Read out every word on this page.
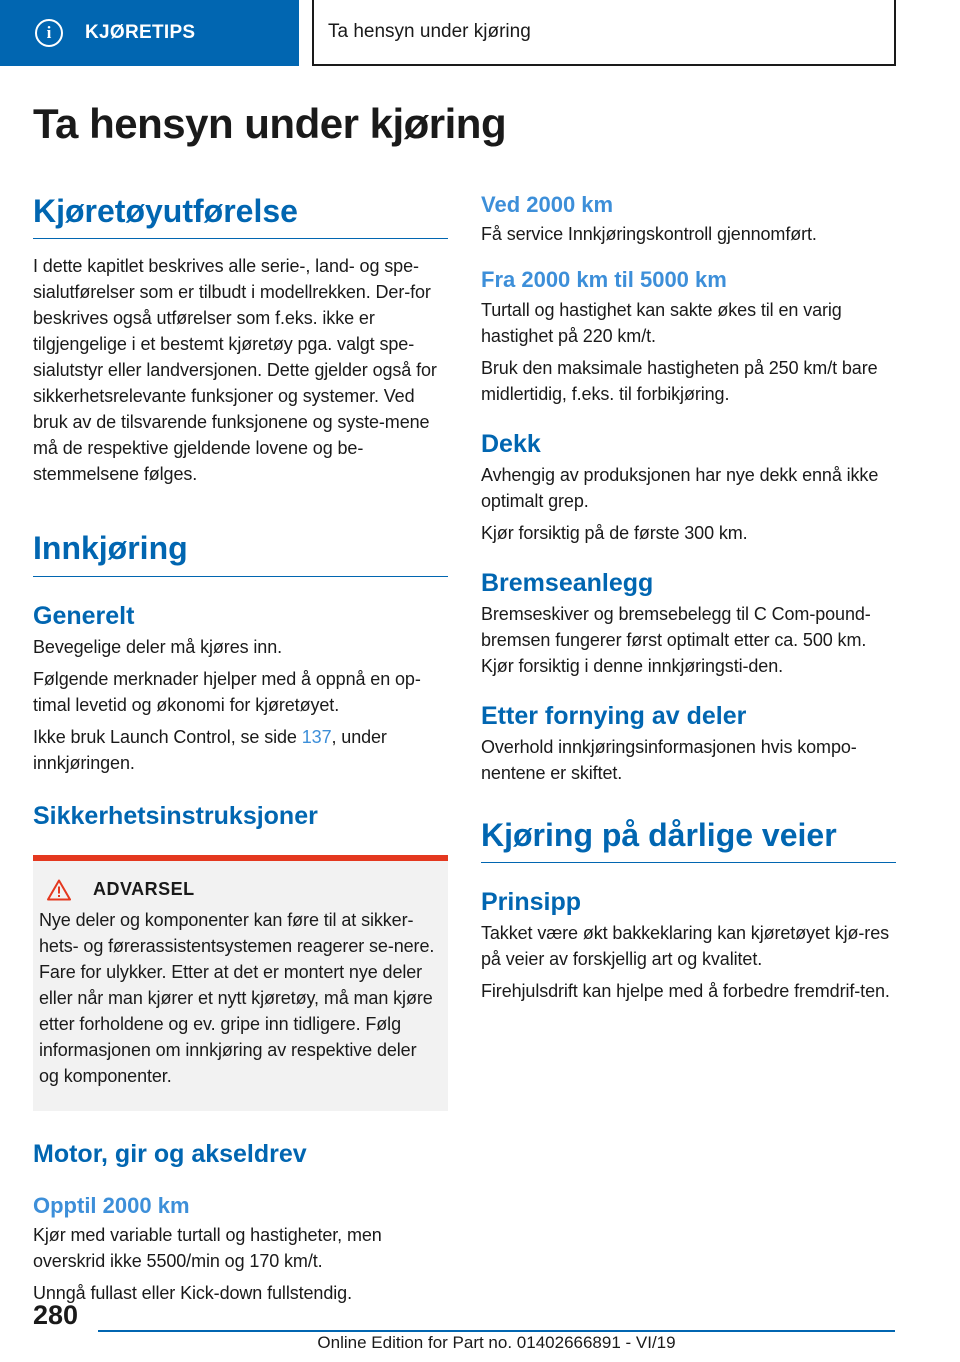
i	KJØRETIPS	Ta hensyn under kjøring
Ta hensyn under kjøring
Kjøretøyutførelse

I dette kapitlet beskrives alle serie-, land- og spe-sialutførelser som er tilbudt i modellrekken. Der-for beskrives også utførelser som f.eks. ikke er tilgjengelige i et bestemt kjøretøy pga. valgt spe-sialutstyr eller landversjonen. Dette gjelder også for sikkerhetsrelevante funksjoner og systemer. Ved bruk av de tilsvarende funksjonene og syste-mene må de respektive gjeldende lovene og be-stemmelsene følges.

Innkjøring
Generelt

Bevegelige deler må kjøres inn.

Følgende merknader hjelper med å oppnå en op-timal levetid og økonomi for kjøretøyet.

Ikke bruk Launch Control, se side 137, under innkjøringen.

Sikkerhetsinstruksjoner
ADVARSEL

Nye deler og komponenter kan føre til at sikker-hets- og førerassistentsystemen reagerer se-nere. Fare for ulykker. Etter at det er montert nye deler eller når man kjører et nytt kjøretøy, må man kjøre etter forholdene og ev. gripe inn tidligere. Følg informasjonen om innkjøring av respektive deler og komponenter.

Motor, gir og akseldrev
Opptil 2000 km

Kjør med variable turtall og hastigheter, men overskrid ikke 5500/min og 170 km/t.

Unngå fullast eller Kick-down fullstendig.

Ved 2000 km

Få service Innkjøringskontroll gjennomført.

Fra 2000 km til 5000 km

Turtall og hastighet kan sakte økes til en varig hastighet på 220 km/t.

Bruk den maksimale hastigheten på 250 km/t bare midlertidig, f.eks. til forbikjøring.

Dekk

Avhengig av produksjonen har nye dekk ennå ikke optimalt grep.

Kjør forsiktig på de første 300 km.

Bremseanlegg

Bremseskiver og bremsebelegg til C Com-pound-bremsen fungerer først optimalt etter ca. 500 km. Kjør forsiktig i denne innkjøringsti-den.

Etter fornying av deler

Overhold innkjøringsinformasjonen hvis kompo-nentene er skiftet.

Kjøring på dårlige veier
Prinsipp

Takket være økt bakkeklaring kan kjøretøyet kjø-res på veier av forskjellig art og kvalitet.

Firehjulsdrift kan hjelpe med å forbedre fremdrif-ten.

280
Online Edition for Part no. 01402666891 - VI/19
